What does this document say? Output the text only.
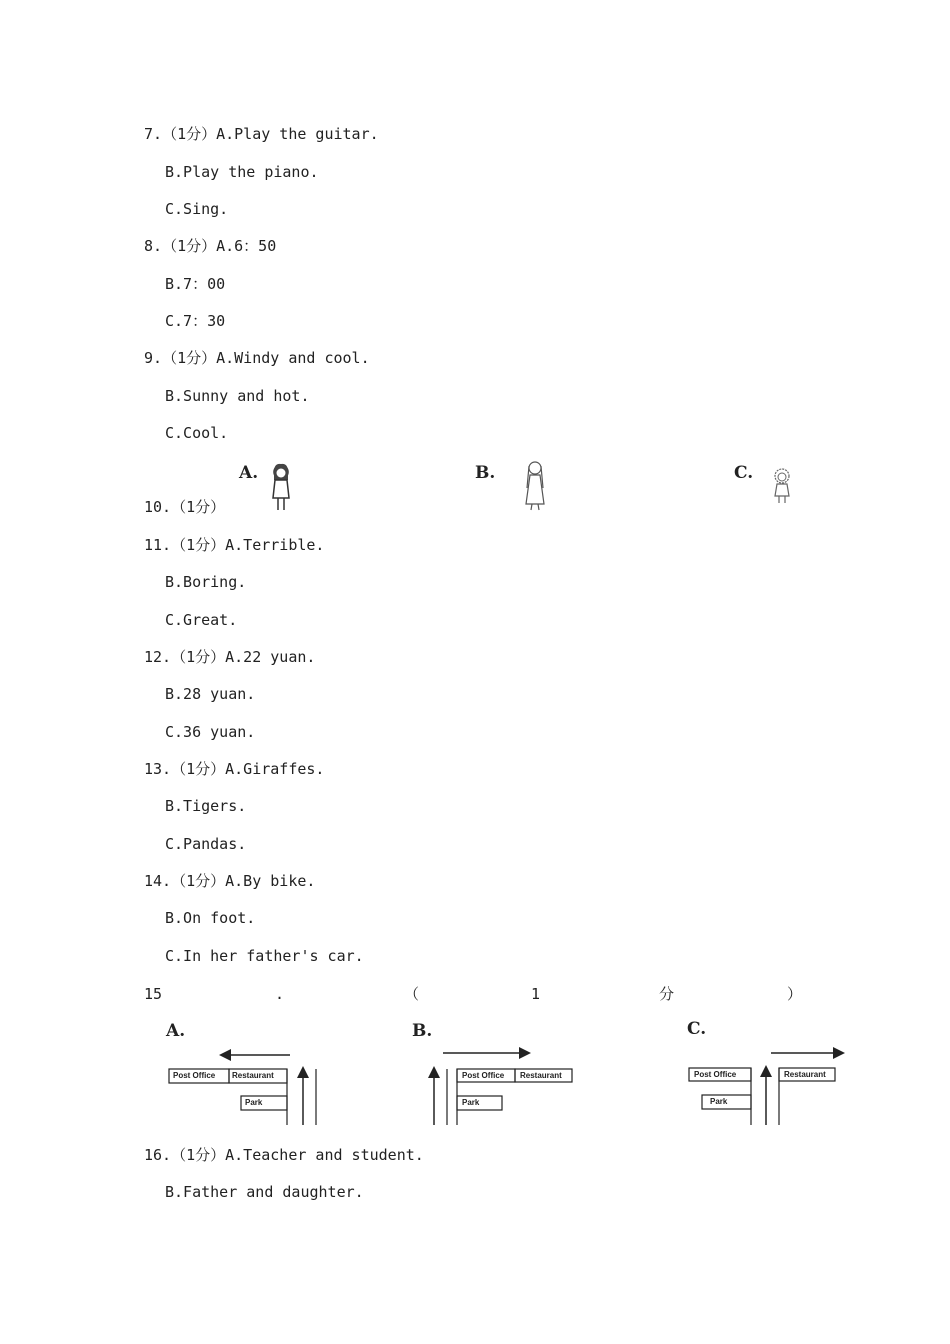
7.（1分）A.Play the guitar.
B.Play the piano.
C.Sing.
8.（1分）A.6：50
B.7：00
C.7：30
9.（1分）A.Windy and cool.
B.Sunny and hot.
C.Cool.
A.	B.	C.
10.（1分）
11.（1分）A.Terrible.
B.Boring.
C.Great.
12.（1分）A.22 yuan.
B.28 yuan.
C.36 yuan.
13.（1分）A.Giraffes.
B.Tigers.
C.Pandas.
14.（1分）A.By bike.
B.On foot.
C.In her father's car.
15	.	（	1	分	）
A.
Post Office Restaurant
Park
B.
Post Office Restaurant
Park
C.
Post Office	Restaurant
Park
16.（1分）A.Teacher and student.
B.Father and daughter.
